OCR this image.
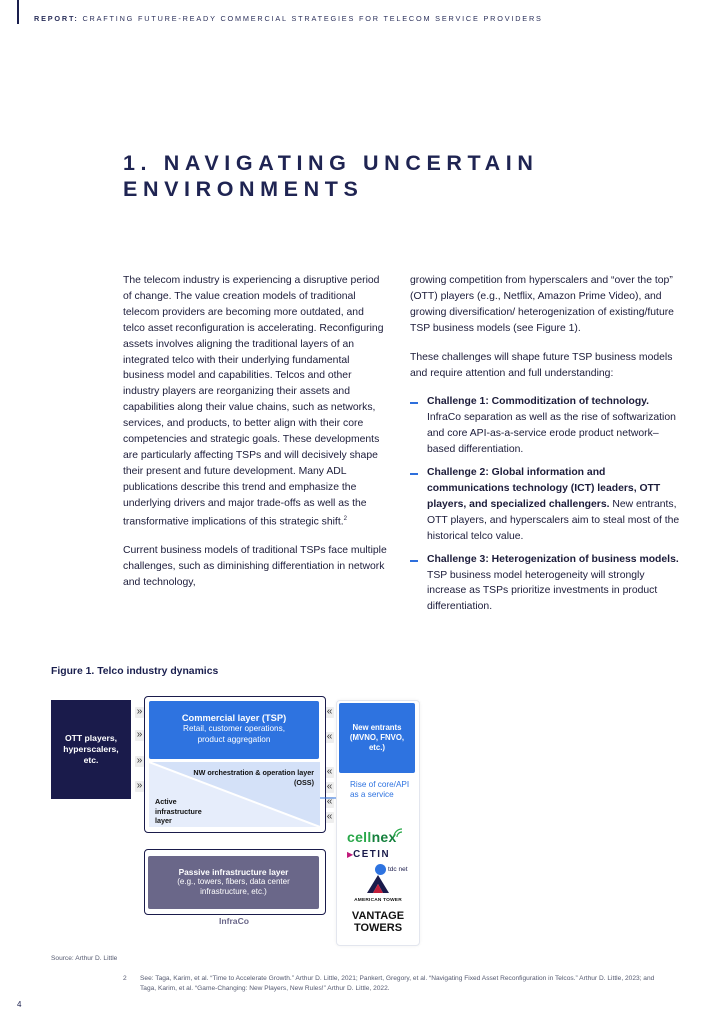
REPORT: CRAFTING FUTURE-READY COMMERCIAL STRATEGIES FOR TELECOM SERVICE PROVIDERS
1. NAVIGATING UNCERTAIN
ENVIRONMENTS

The telecom industry is experiencing a disruptive period of change. The value creation models of traditional telecom providers are becoming more outdated, and telco asset reconfiguration is accelerating. Reconfiguring assets involves aligning the traditional layers of an integrated telco with their underlying fundamental business model and capabilities. Telcos and other industry players are reorganizing their assets and capabilities along their value chains, such as networks, services, and products, to better align with their core competencies and strategic goals. These developments are particularly affecting TSPs and will decisively shape their present and future development. Many ADL publications describe this trend and emphasize the underlying drivers and major trade-offs as well as the transformative implications of this strategic shift.$^2$

Current business models of traditional TSPs face multiple challenges, such as diminishing differentiation in network and technology,

growing competition from hyperscalers and “over the top” (OTT) players (e.g., Netflix, Amazon Prime Video), and growing diversification/ heterogenization of existing/future TSP business models (see Figure 1).

These challenges will shape future TSP business models and require attention and full understanding:

Challenge 1: Commoditization of technology. InfraCo separation as well as the rise of softwarization and core API-as-a-service erode product network–based differentiation.
Challenge 2: Global information and communications technology (ICT) leaders, OTT players, and specialized challengers. New entrants, OTT players, and hyperscalers aim to steal most of the historical telco value.
Challenge 3: Heterogenization of business models. TSP business model heterogeneity will strongly increase as TSPs prioritize investments in product differentiation.
Figure 1. Telco industry dynamics
OTT players, hyperscalers, etc.
»
»
»
»
«
«
«
«
«
«
Commercial layer (TSP)
Retail, customer operations, product aggregation
NW orchestration & operation layer (OSS)
Active infrastructure layer
Passive infrastructure layer
(e.g., towers, fibers, data center infrastructure, etc.)
InfraCo
New entrants (MVNO, FNVO, etc.)
Rise of core/API as a service
cellnex
▶CETIN
tdc net
AMERICAN TOWER
VANTAGE
TOWERS
Source: Arthur D. Little
2 See: Taga, Karim, et al. “Time to Accelerate Growth.” Arthur D. Little, 2021; Pankert, Gregory, et al. “Navigating Fixed Asset Reconfiguration in Telcos.” Arthur D. Little, 2023; and Taga, Karim, et al. “Game-Changing: New Players, New Rules!” Arthur D. Little, 2022.
4
